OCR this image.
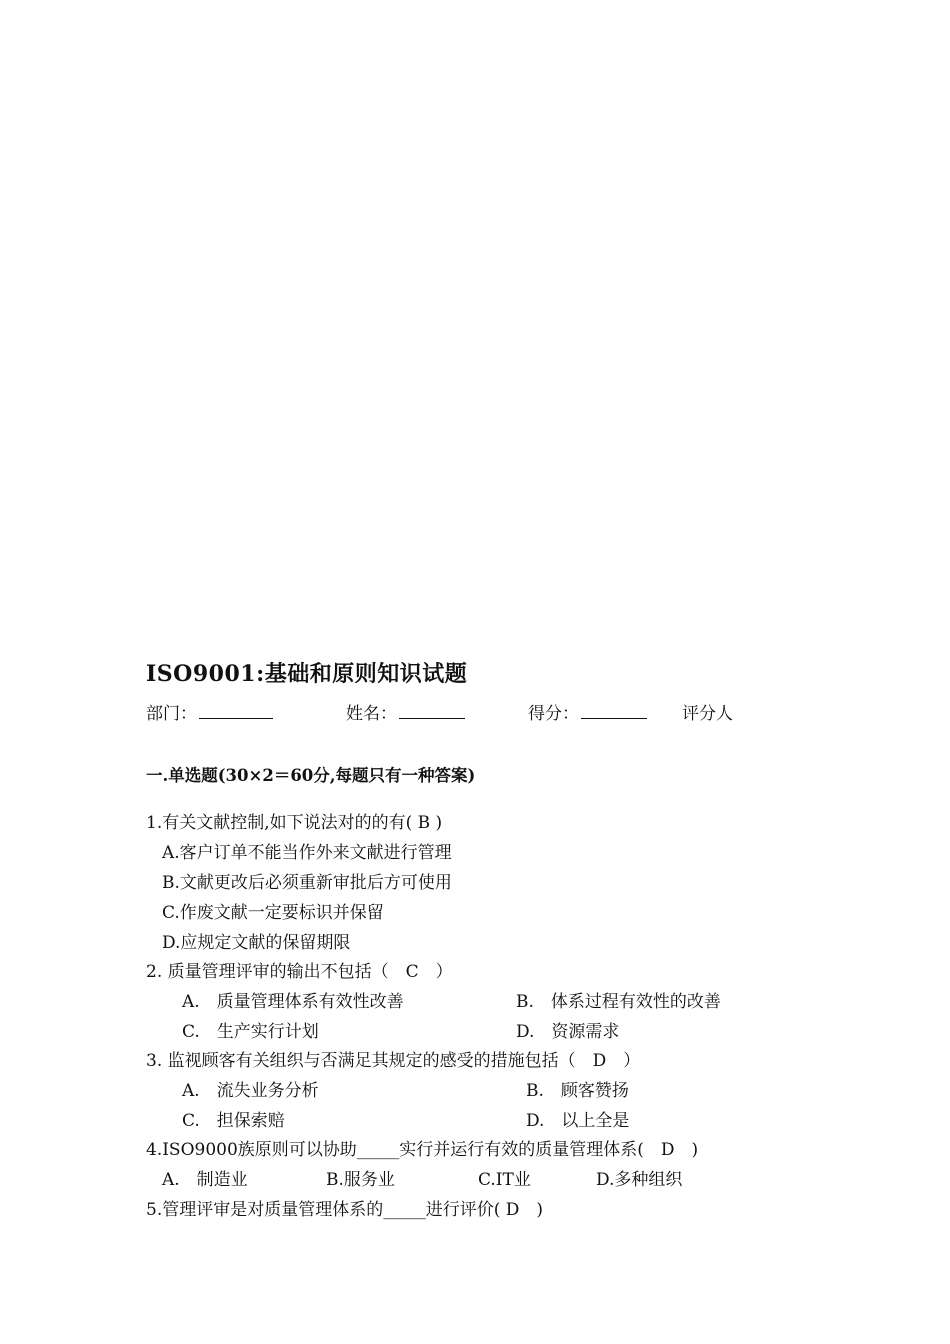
ISO9001:基础和原则知识试题
部门：	姓名：	得分：	评分人
一.单选题(30×2＝60分,每题只有一种答案)
1.有关文献控制,如下说法对的的有( B )
A.客户订单不能当作外来文献进行管理
B.文献更改后必须重新审批后方可使用
C.作废文献一定要标识并保留
D.应规定文献的保留期限
2. 质量管理评审的输出不包括（　C　）
A.　质量管理体系有效性改善	B.　体系过程有效性的改善
C.　生产实行计划	D.　资源需求
3. 监视顾客有关组织与否满足其规定的感受的措施包括（　D　）
A.　流失业务分析	B.　顾客赞扬
C.　担保索赔	D.　以上全是
4.ISO9000族原则可以协助_____实行并运行有效的质量管理体系(　D　)
A.　制造业	B.服务业	C.IT业	D.多种组织
5.管理评审是对质量管理体系的_____进行评价( D　)
